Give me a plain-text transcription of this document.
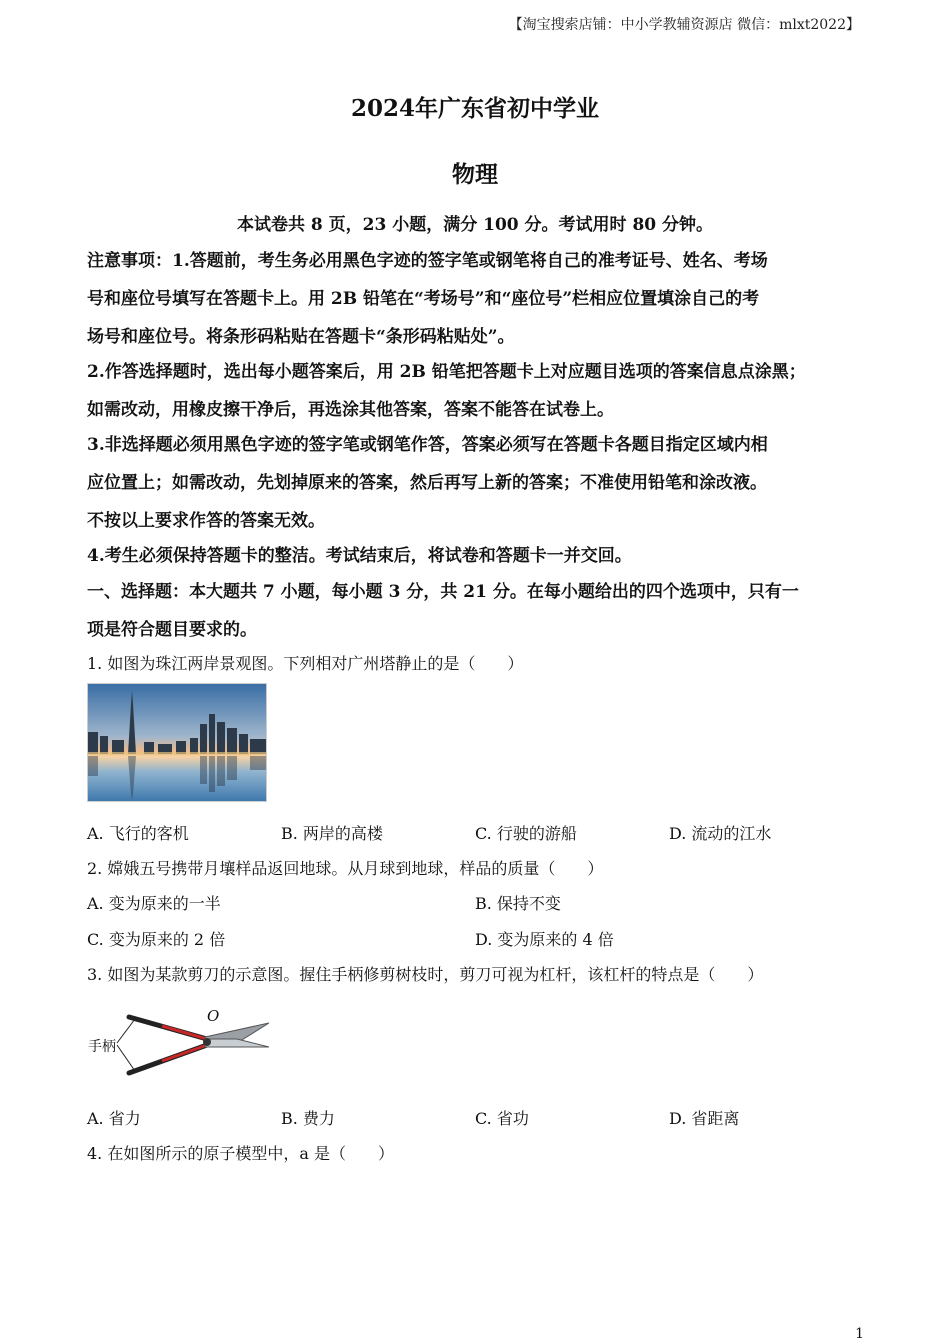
【淘宝搜索店铺：中小学教辅资源店 微信：mlxt2022】
2024年广东省初中学业
物理
本试卷共 8 页，23 小题，满分 100 分。考试用时 80 分钟。
注意事项：1.答题前，考生务必用黑色字迹的签字笔或钢笔将自己的准考证号、姓名、考场
号和座位号填写在答题卡上。用 2B 铅笔在“考场号”和“座位号”栏相应位置填涂自己的考
场号和座位号。将条形码粘贴在答题卡“条形码粘贴处”。
2.作答选择题时，选出每小题答案后，用 2B 铅笔把答题卡上对应题目选项的答案信息点涂黑；
如需改动，用橡皮擦干净后，再选涂其他答案，答案不能答在试卷上。
3.非选择题必须用黑色字迹的签字笔或钢笔作答，答案必须写在答题卡各题目指定区域内相
应位置上；如需改动，先划掉原来的答案，然后再写上新的答案；不准使用铅笔和涂改液。
不按以上要求作答的答案无效。
4.考生必须保持答题卡的整洁。考试结束后，将试卷和答题卡一并交回。
一、选择题：本大题共 7 小题，每小题 3 分，共 21 分。在每小题给出的四个选项中，只有一
项是符合题目要求的。
1. 如图为珠江两岸景观图。下列相对广州塔静止的是（　　）
A. 飞行的客机	B. 两岸的高楼	C. 行驶的游船	D. 流动的江水
2. 嫦娥五号携带月壤样品返回地球。从月球到地球，样品的质量（　　）
A. 变为原来的一半	B. 保持不变
C. 变为原来的 2 倍	D. 变为原来的 4 倍
3. 如图为某款剪刀的示意图。握住手柄修剪树枝时，剪刀可视为杠杆，该杠杆的特点是（　　）
O
手柄
A. 省力	B. 费力	C. 省功	D. 省距离
4. 在如图所示的原子模型中，a 是（　　）
1
